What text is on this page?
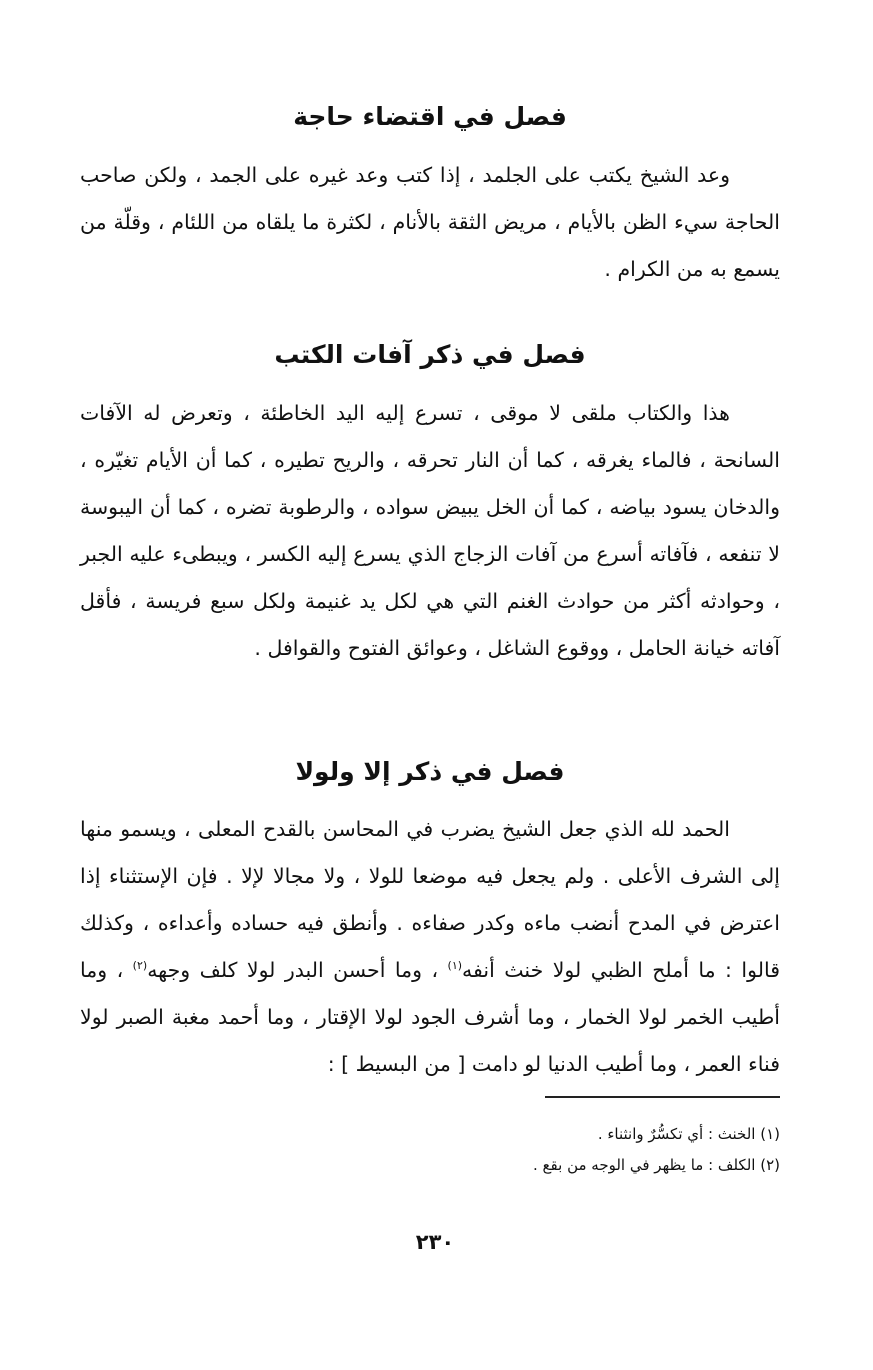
فصل في اقتضاء حاجة

وعد الشيخ يكتب على الجلمد ، إذا كتب وعد غيره على الجمد ، ولكن صاحب الحاجة سيء الظن بالأيام ، مريض الثقة بالأنام ، لكثرة ما يلقاه من اللئام ، وقلّة من يسمع به من الكرام .

فصل في ذكر آفات الكتب

هذا والكتاب ملقى لا موقى ، تسرع إليه اليد الخاطئة ، وتعرض له الآفات السانحة ، فالماء يغرقه ، كما أن النار تحرقه ، والريح تطيره ، كما أن الأيام تغيّره ، والدخان يسود بياضه ، كما أن الخل يبيض سواده ، والرطوبة تضره ، كما أن اليبوسة لا تنفعه ، فآفاته أسرع من آفات الزجاج الذي يسرع إليه الكسر ، ويبطىء عليه الجبر ، وحوادثه أكثر من حوادث الغنم التي هي لكل يد غنيمة ولكل سبع فريسة ، فأقل آفاته خيانة الحامل ، ووقوع الشاغل ، وعوائق الفتوح والقوافل .

فصل في ذكر إلا ولولا

الحمد لله الذي جعل الشيخ يضرب في المحاسن بالقدح المعلى ، ويسمو منها إلى الشرف الأعلى . ولم يجعل فيه موضعا للولا ، ولا مجالا لإلا . فإن الإستثناء إذا اعترض في المدح أنضب ماءه وكدر صفاءه . وأنطق فيه حساده وأعداءه ، وكذلك قالوا : ما أملح الظبي لولا خنث أنفه$^{(١)}$ ، وما أحسن البدر لولا كلف وجهه$^{(٢)}$ ، وما أطيب الخمر لولا الخمار ، وما أشرف الجود لولا الإقتار ، وما أحمد مغبة الصبر لولا فناء العمر ، وما أطيب الدنيا لو دامت [ من البسيط ] :

(١) الخنث : أي تكسُّرٌ وانثناء .
(٢) الكلف : ما يظهر في الوجه من بقع .
٢٣٠
